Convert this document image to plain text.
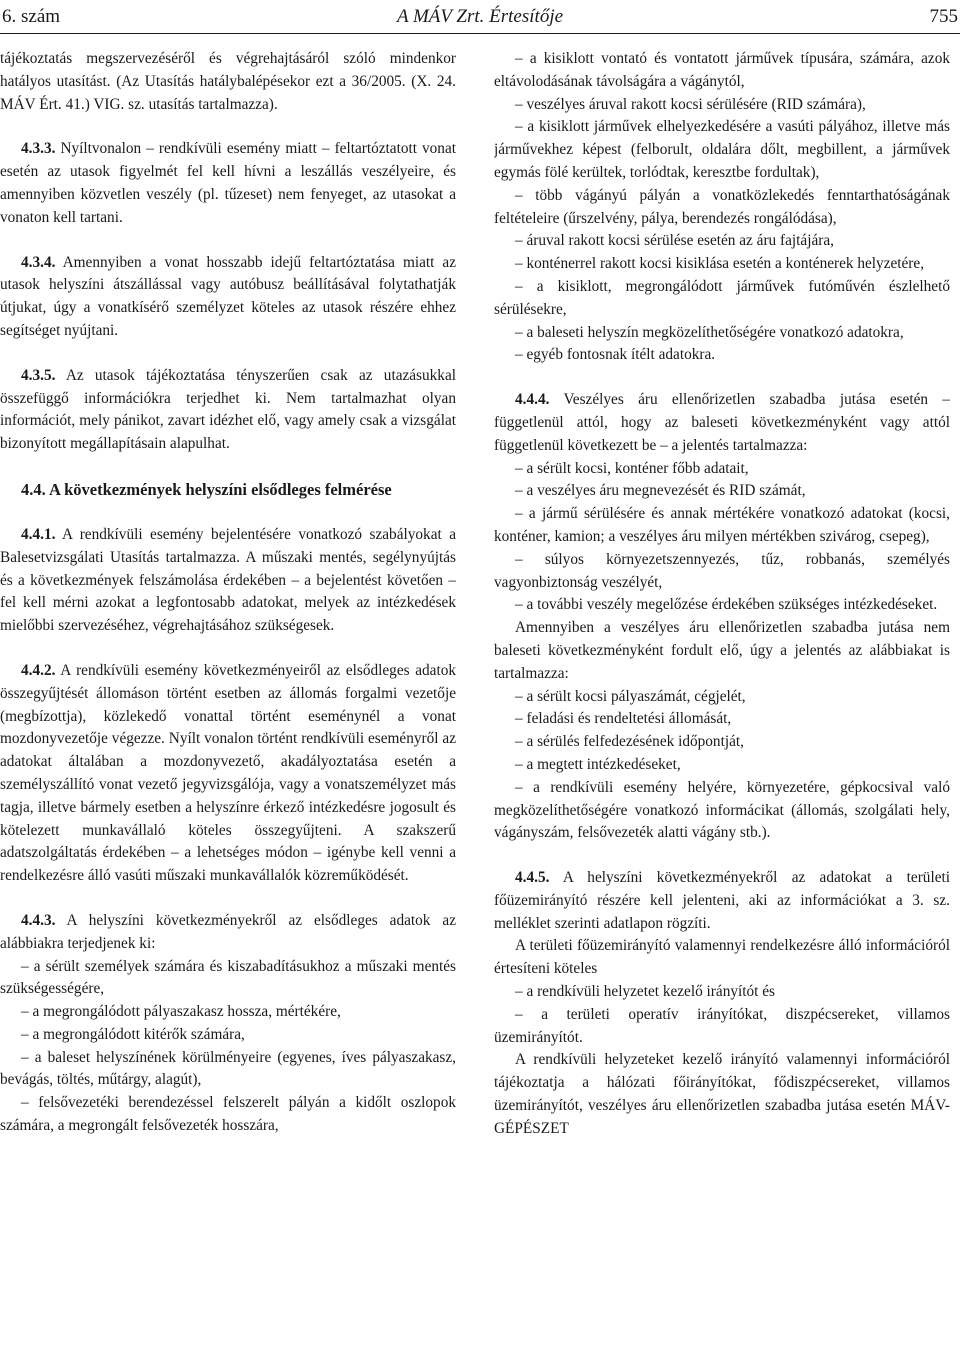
6. szám	A MÁV Zrt. Értesítője	755

tájékoztatás megszervezéséről és végrehajtásáról szóló mindenkor hatályos utasítást. (Az Utasítás hatálybalépésekor ezt a 36/2005. (X. 24. MÁV Ért. 41.) VIG. sz. utasítás tartalmazza).

4.3.3. Nyíltvonalon – rendkívüli esemény miatt – feltartóztatott vonat esetén az utasok figyelmét fel kell hívni a leszállás veszélyeire, és amennyiben közvetlen veszély (pl. tűzeset) nem fenyeget, az utasokat a vonaton kell tartani.

4.3.4. Amennyiben a vonat hosszabb idejű feltartóztatása miatt az utasok helyszíni átszállással vagy autóbusz beállításával folytathatják útjukat, úgy a vonatkísérő személyzet köteles az utasok részére ehhez segítséget nyújtani.

4.3.5. Az utasok tájékoztatása tényszerűen csak az utazásukkal összefüggő információkra terjedhet ki. Nem tartalmazhat olyan információt, mely pánikot, zavart idézhet elő, vagy amely csak a vizsgálat bizonyított megállapításain alapulhat.

4.4. A következmények helyszíni elsődleges felmérése

4.4.1. A rendkívüli esemény bejelentésére vonatkozó szabályokat a Balesetvizsgálati Utasítás tartalmazza. A műszaki mentés, segélynyújtás és a következmények felszámolása érdekében – a bejelentést követően – fel kell mérni azokat a legfontosabb adatokat, melyek az intézkedések mielőbbi szervezéséhez, végrehajtásához szükségesek.

4.4.2. A rendkívüli esemény következményeiről az elsődleges adatok összegyűjtését állomáson történt esetben az állomás forgalmi vezetője (megbízottja), közlekedő vonattal történt eseménynél a vonat mozdonyvezetője végezze. Nyílt vonalon történt rendkívüli eseményről az adatokat általában a mozdonyvezető, akadályoztatása esetén a személyszállító vonat vezető jegyvizsgálója, vagy a vonatszemélyzet más tagja, illetve bármely esetben a helyszínre érkező intézkedésre jogosult és kötelezett munkavállaló köteles összegyűjteni. A szakszerű adatszolgáltatás érdekében – a lehetséges módon – igénybe kell venni a rendelkezésre álló vasúti műszaki munkavállalók közreműködését.

4.4.3. A helyszíni következményekről az elsődleges adatok az alábbiakra terjedjenek ki:

– a sérült személyek számára és kiszabadításukhoz a műszaki mentés szükségességére,

– a megrongálódott pályaszakasz hossza, mértékére,

– a megrongálódott kitérők számára,

– a baleset helyszínének körülményeire (egyenes, íves pályaszakasz, bevágás, töltés, műtárgy, alagút),

– felsővezetéki berendezéssel felszerelt pályán a kidőlt oszlopok számára, a megrongált felsővezeték hosszára,

– a kisiklott vontató és vontatott járművek típusára, számára, azok eltávolodásának távolságára a vágánytól,

– veszélyes áruval rakott kocsi sérülésére (RID számára),

– a kisiklott járművek elhelyezkedésére a vasúti pályához, illetve más járművekhez képest (felborult, oldalára dőlt, megbillent, a járművek egymás fölé kerültek, torlódtak, keresztbe fordultak),

– több vágányú pályán a vonatközlekedés fenntarthatóságának feltételeire (űrszelvény, pálya, berendezés rongálódása),

– áruval rakott kocsi sérülése esetén az áru fajtájára,

– konténerrel rakott kocsi kisiklása esetén a konténerek helyzetére,

– a kisiklott, megrongálódott járművek futóművén észlelhető sérülésekre,

– a baleseti helyszín megközelíthetőségére vonatkozó adatokra,

– egyéb fontosnak ítélt adatokra.

4.4.4. Veszélyes áru ellenőrizetlen szabadba jutása esetén – függetlenül attól, hogy az baleseti következményként vagy attól függetlenül következett be – a jelentés tartalmazza:

– a sérült kocsi, konténer főbb adatait,

– a veszélyes áru megnevezését és RID számát,

– a jármű sérülésére és annak mértékére vonatkozó adatokat (kocsi, konténer, kamion; a veszélyes áru milyen mértékben szivárog, csepeg),

– súlyos környezetszennyezés, tűz, robbanás, személyés vagyonbiztonság veszélyét,

– a további veszély megelőzése érdekében szükséges intézkedéseket.

Amennyiben a veszélyes áru ellenőrizetlen szabadba jutása nem baleseti következményként fordult elő, úgy a jelentés az alábbiakat is tartalmazza:

– a sérült kocsi pályaszámát, cégjelét,

– feladási és rendeltetési állomását,

– a sérülés felfedezésének időpontját,

– a megtett intézkedéseket,

– a rendkívüli esemény helyére, környezetére, gépkocsival való megközelíthetőségére vonatkozó informácikat (állomás, szolgálati hely, vágányszám, felsővezeték alatti vágány stb.).

4.4.5. A helyszíni következményekről az adatokat a területi főüzemirányító részére kell jelenteni, aki az információkat a 3. sz. melléklet szerinti adatlapon rögzíti.

A területi főüzemirányító valamennyi rendelkezésre álló információról értesíteni köteles

– a rendkívüli helyzetet kezelő irányítót és

– a területi operatív irányítókat, diszpécsereket, villamos üzemirányítót.

A rendkívüli helyzeteket kezelő irányító valamennyi információról tájékoztatja a hálózati főirányítókat, fődiszpécsereket, villamos üzemirányítót, veszélyes áru ellenőrizetlen szabadba jutása esetén MÁV-GÉPÉSZET
